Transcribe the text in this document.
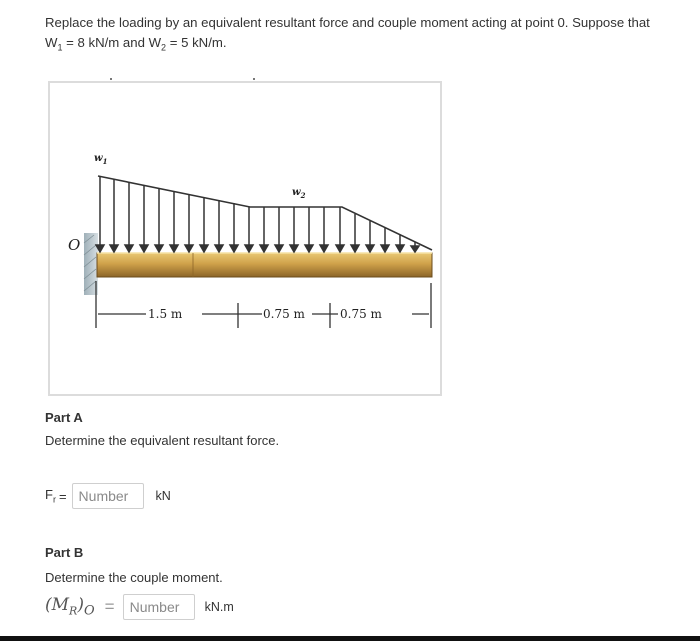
Replace the loading by an equivalent resultant force and couple moment acting at point 0. Suppose that
$W_1 = 8$ kN/m and $W_2 = 5$ kN/m.
O
$w_1$
$w_2$
1.5 m	0.75 m	0.75 m
Part A
Determine the equivalent resultant force.
$F_r$ =
Number	kN
Part B
Determine the couple moment.
$(M_R)_O$ =
Number	kN.m
